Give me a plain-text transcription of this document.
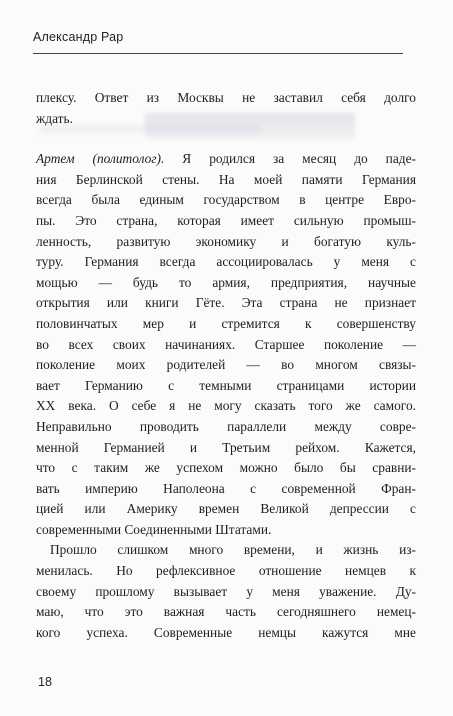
Александр Рар
плексу. Ответ из Москвы не заставил себя долго
ждать.
Артем (политолог). Я родился за месяц до паде-
ния Берлинской стены. На моей памяти Германия
всегда была единым государством в центре Евро-
пы. Это страна, которая имеет сильную промыш-
ленность, развитую экономику и богатую куль-
туру. Германия всегда ассоциировалась у меня с
мощью — будь то армия, предприятия, научные
открытия или книги Гёте. Эта страна не признает
половинчатых мер и стремится к совершенству
во всех своих начинаниях. Старшее поколение —
поколение моих родителей — во многом связы-
вает Германию с темными страницами истории
XX века. О себе я не могу сказать того же самого.
Неправильно проводить параллели между совре-
менной Германией и Третьим рейхом. Кажется,
что с таким же успехом можно было бы сравни-
вать империю Наполеона с современной Фран-
цией или Америку времен Великой депрессии с
современными Соединенными Штатами.
Прошло слишком много времени, и жизнь из-
менилась. Но рефлексивное отношение немцев к
своему прошлому вызывает у меня уважение. Ду-
маю, что это важная часть сегодняшнего немец-
кого успеха. Современные немцы кажутся мне
18
